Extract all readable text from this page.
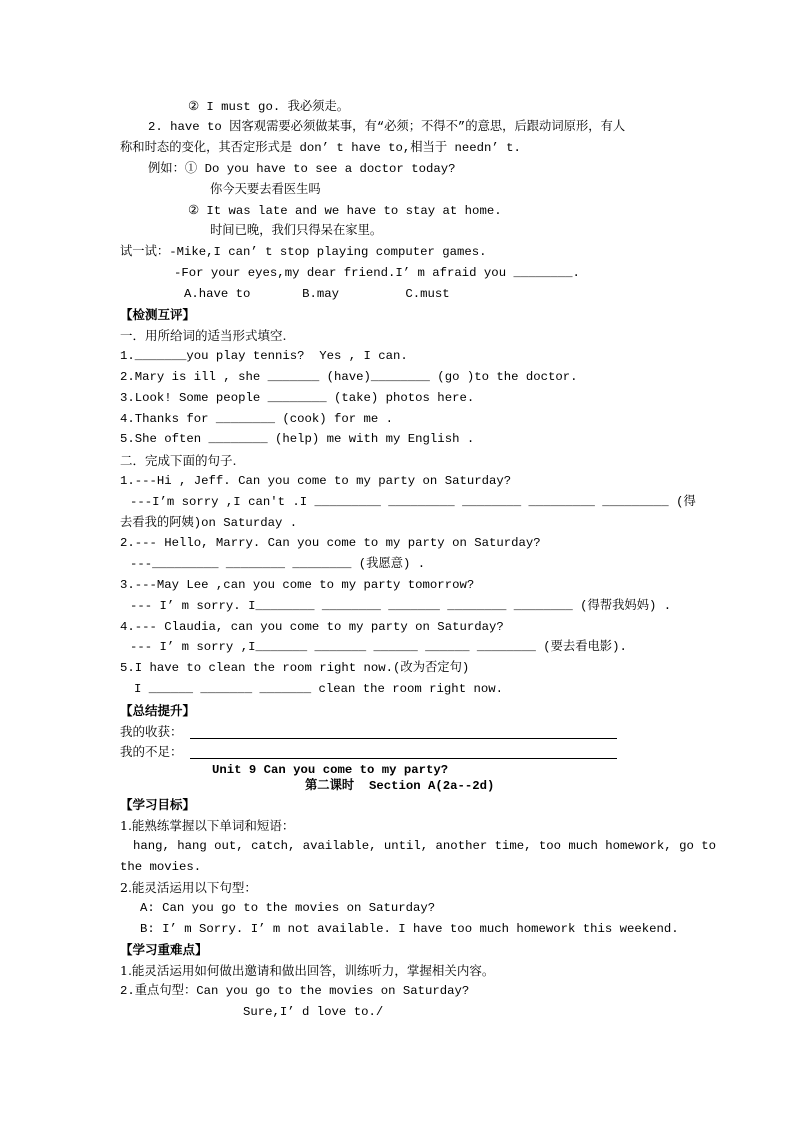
② I must go. 我必须走。
2. have to 因客观需要必须做某事，有“必须；不得不”的意思，后跟动词原形，有人
称和时态的变化，其否定形式是 don’ t have to,相当于 needn’ t.
例如：① Do you have to see a doctor today?
你今天要去看医生吗
② It was late and we have to stay at home.
时间已晚，我们只得呆在家里。
试一试：-Mike,I can’ t stop playing computer games.
-For your eyes,my dear friend.I’ m afraid you ________.
A.have to       B.may         C.must
【检测互评】
一．用所给词的适当形式填空.
1._______you play tennis?  Yes , I can.
2.Mary is ill , she _______ (have)________ (go )to the doctor.
3.Look! Some people ________ (take) photos here.
4.Thanks for ________ (cook) for me .
5.She often ________ (help) me with my English .
二．完成下面的句子.
1.---Hi , Jeff. Can you come to my party on Saturday?
---I’m sorry ,I can't .I _________ _________ ________ _________ _________ (得
去看我的阿姨)on Saturday .
2.--- Hello, Marry. Can you come to my party on Saturday?
---_________ ________ ________ (我愿意) .
3.---May Lee ,can you come to my party tomorrow?
--- I’ m sorry. I________ ________ _______ ________ ________ (得帮我妈妈) .
4.--- Claudia, can you come to my party on Saturday?
--- I’ m sorry ,I_______ _______ ______ ______ ________ (要去看电影).
5.I have to clean the room right now.(改为否定句)
I ______ _______ _______ clean the room right now.
【总结提升】
我的收获：
我的不足：
Unit 9 Can you come to my party?
第二课时  Section A(2a--2d)
【学习目标】
1.能熟练掌握以下单词和短语：
hang, hang out, catch, available, until, another time, too much homework, go to
the movies.
2.能灵活运用以下句型：
A: Can you go to the movies on Saturday?
B: I’ m Sorry. I’ m not available. I have too much homework this weekend.
【学习重难点】
1.能灵活运用如何做出邀请和做出回答，训练听力，掌握相关内容。
2.重点句型：Can you go to the movies on Saturday?
Sure,I’ d love to./
